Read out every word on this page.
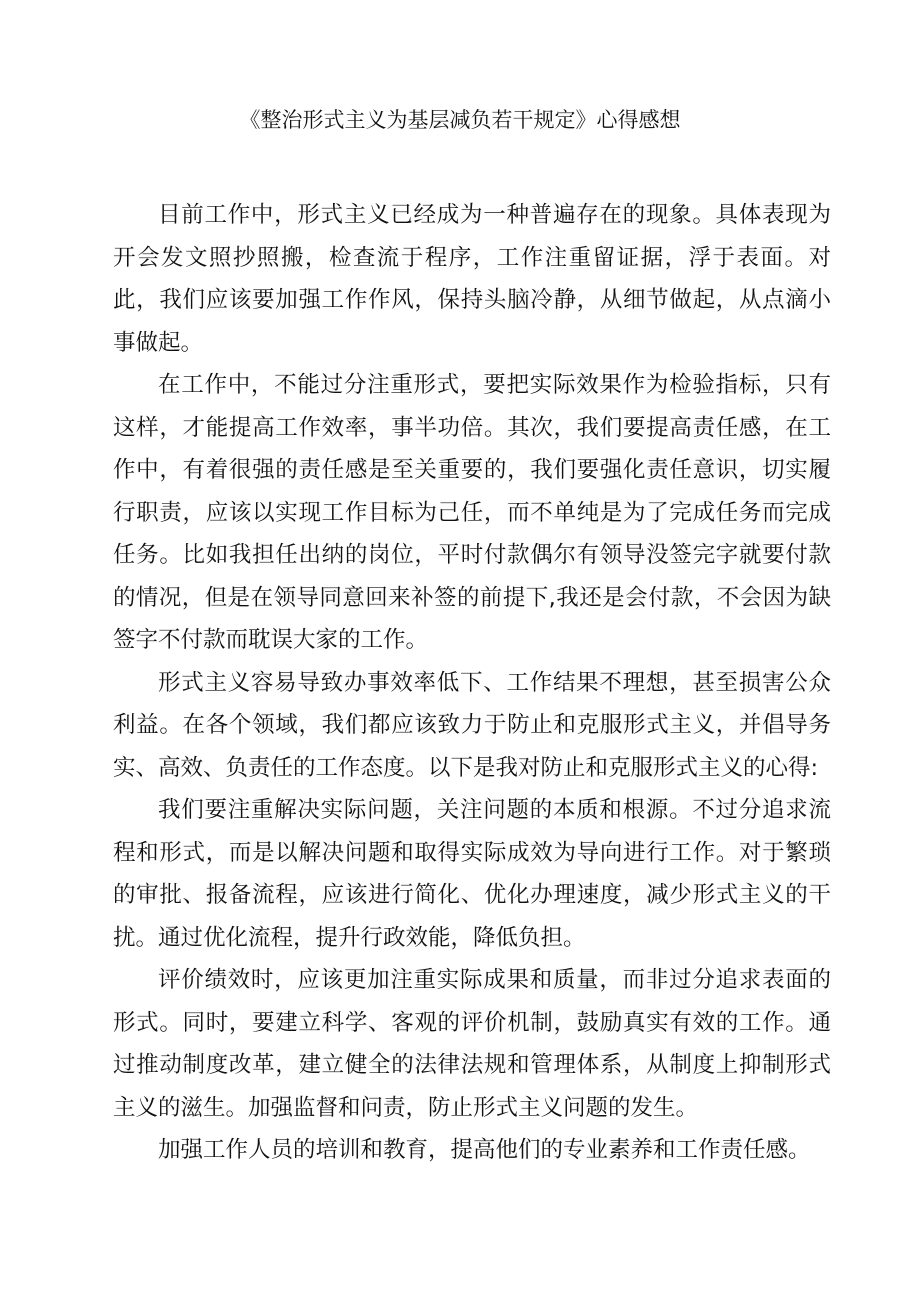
《整治形式主义为基层减负若干规定》心得感想

目前工作中，形式主义已经成为一种普遍存在的现象。具体表现为开会发文照抄照搬，检查流于程序，工作注重留证据，浮于表面。对此，我们应该要加强工作作风，保持头脑冷静，从细节做起，从点滴小事做起。

在工作中，不能过分注重形式，要把实际效果作为检验指标，只有这样，才能提高工作效率，事半功倍。其次，我们要提高责任感，在工作中，有着很强的责任感是至关重要的，我们要强化责任意识，切实履行职责，应该以实现工作目标为己任，而不单纯是为了完成任务而完成任务。比如我担任出纳的岗位，平时付款偶尔有领导没签完字就要付款的情况，但是在领导同意回来补签的前提下,我还是会付款，不会因为缺签字不付款而耽误大家的工作。

形式主义容易导致办事效率低下、工作结果不理想，甚至损害公众利益。在各个领域，我们都应该致力于防止和克服形式主义，并倡导务实、高效、负责任的工作态度。以下是我对防止和克服形式主义的心得:

我们要注重解决实际问题，关注问题的本质和根源。不过分追求流程和形式，而是以解决问题和取得实际成效为导向进行工作。对于繁琐的审批、报备流程，应该进行简化、优化办理速度，减少形式主义的干扰。通过优化流程，提升行政效能，降低负担。

评价绩效时，应该更加注重实际成果和质量，而非过分追求表面的形式。同时，要建立科学、客观的评价机制，鼓励真实有效的工作。通过推动制度改革，建立健全的法律法规和管理体系，从制度上抑制形式主义的滋生。加强监督和问责，防止形式主义问题的发生。

加强工作人员的培训和教育，提高他们的专业素养和工作责任感。
